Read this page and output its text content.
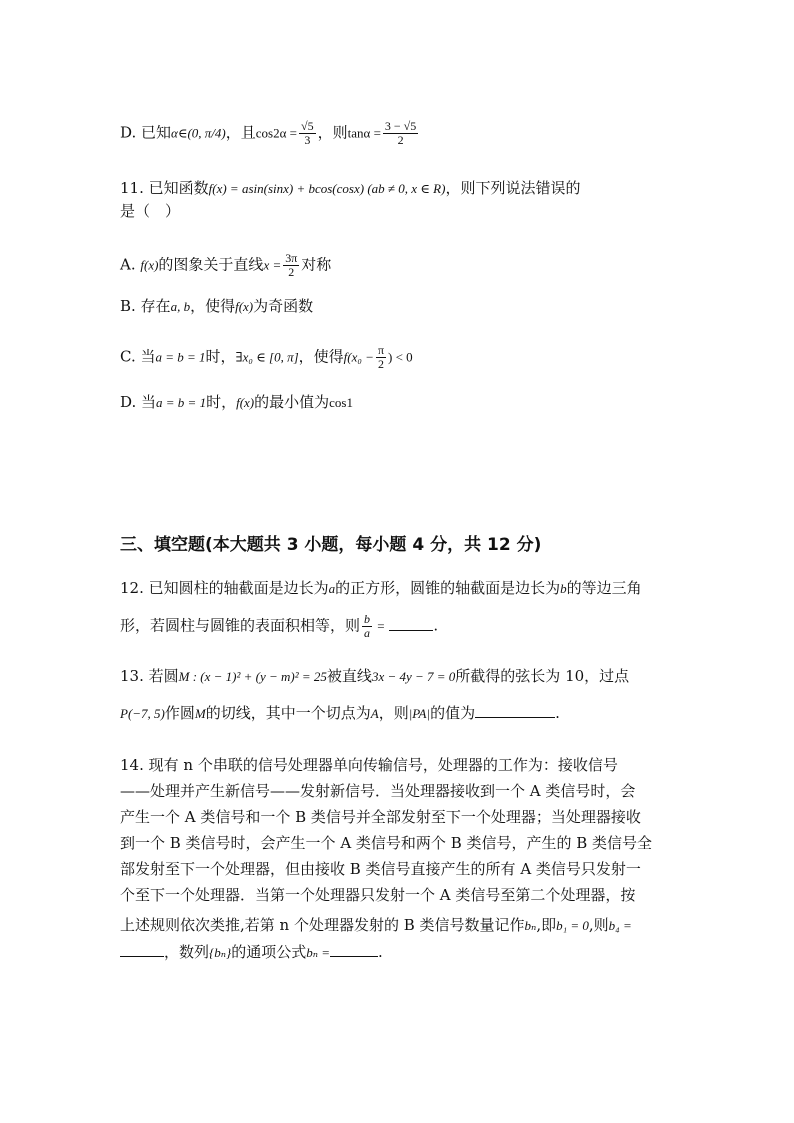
D. 已知α∈(0, π/4)，且$\cos 2\alpha = \frac{√5}{3}$ ，则$\tan\alpha = \frac{3 - √5}{2}$
11. 已知函数f(x) = asin(sinx) + bcos(cosx) (ab ≠ 0, x ∈ R)，则下列说法错误的
是（　）
A. f(x)的图象关于直线$x = \frac{3\pi}{2}$ 对称
B. 存在a, b，使得f(x)为奇函数
C. 当a = b = 1时，∃x₀ ∈ [0, π]，使得$f(x_0 - \frac{\pi}{2}$ ) < 0
D. 当a = b = 1时，f(x)的最小值为cos1
三、填空题(本大题共 3 小题，每小题 4 分，共 12 分)
12. 已知圆柱的轴截面是边长为a的正方形，圆锥的轴截面是边长为b的等边三角
形，若圆柱与圆锥的表面积相等，则 $\frac{b}{a}$ =	.
13. 若圆M : (x − 1)² + (y − m)² = 25被直线3x − 4y − 7 = 0所截得的弦长为 10，过点
P(−7, 5)作圆M的切线，其中一个切点为A，则|PA|的值为	.
14. 现有 n 个串联的信号处理器单向传输信号，处理器的工作为：接收信号
——处理并产生新信号——发射新信号．当处理器接收到一个 A 类信号时，会
产生一个 A 类信号和一个 B 类信号并全部发射至下一个处理器；当处理器接收
到一个 B 类信号时，会产生一个 A 类信号和两个 B 类信号，产生的 B 类信号全
部发射至下一个处理器，但由接收 B 类信号直接产生的所有 A 类信号只发射一
个至下一个处理器．当第一个处理器只发射一个 A 类信号至第二个处理器，按
上述规则依次类推,若第 n 个处理器发射的 B 类信号数量记作bₙ,即b₁ = 0,则b₄ =
，数列{bₙ}的通项公式bₙ =	.
